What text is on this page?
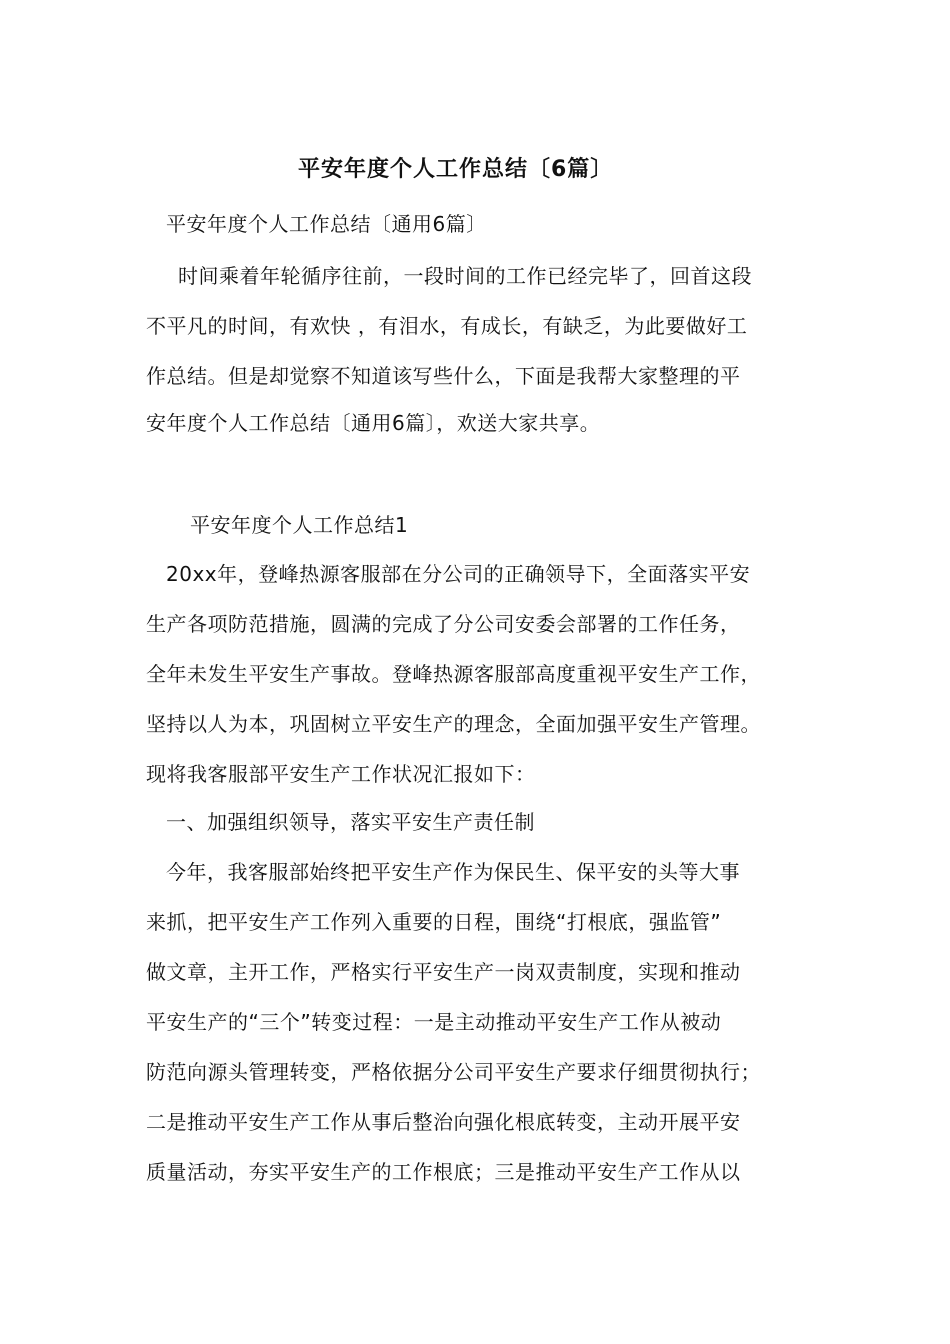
平安年度个人工作总结〔6篇〕
平安年度个人工作总结〔通用6篇〕
时间乘着年轮循序往前，一段时间的工作已经完毕了，回首这段
不平凡的时间，有欢快 ，有泪水，有成长，有缺乏，为此要做好工
作总结。但是却觉察不知道该写些什么，下面是我帮大家整理的平
安年度个人工作总结〔通用6篇〕，欢送大家共享。
平安年度个人工作总结1
20xx年，登峰热源客服部在分公司的正确领导下，全面落实平安
生产各项防范措施，圆满的完成了分公司安委会部署的工作任务，
全年未发生平安生产事故。登峰热源客服部高度重视平安生产工作，
坚持以人为本，巩固树立平安生产的理念，全面加强平安生产管理。
现将我客服部平安生产工作状况汇报如下：
一、加强组织领导，落实平安生产责任制
今年，我客服部始终把平安生产作为保民生、保平安的头等大事
来抓，把平安生产工作列入重要的日程，围绕“打根底，强监管”
做文章，主开工作，严格实行平安生产一岗双责制度，实现和推动
平安生产的“三个”转变过程：一是主动推动平安生产工作从被动
防范向源头管理转变，严格依据分公司平安生产要求仔细贯彻执行；
二是推动平安生产工作从事后整治向强化根底转变，主动开展平安
质量活动，夯实平安生产的工作根底；三是推动平安生产工作从以
